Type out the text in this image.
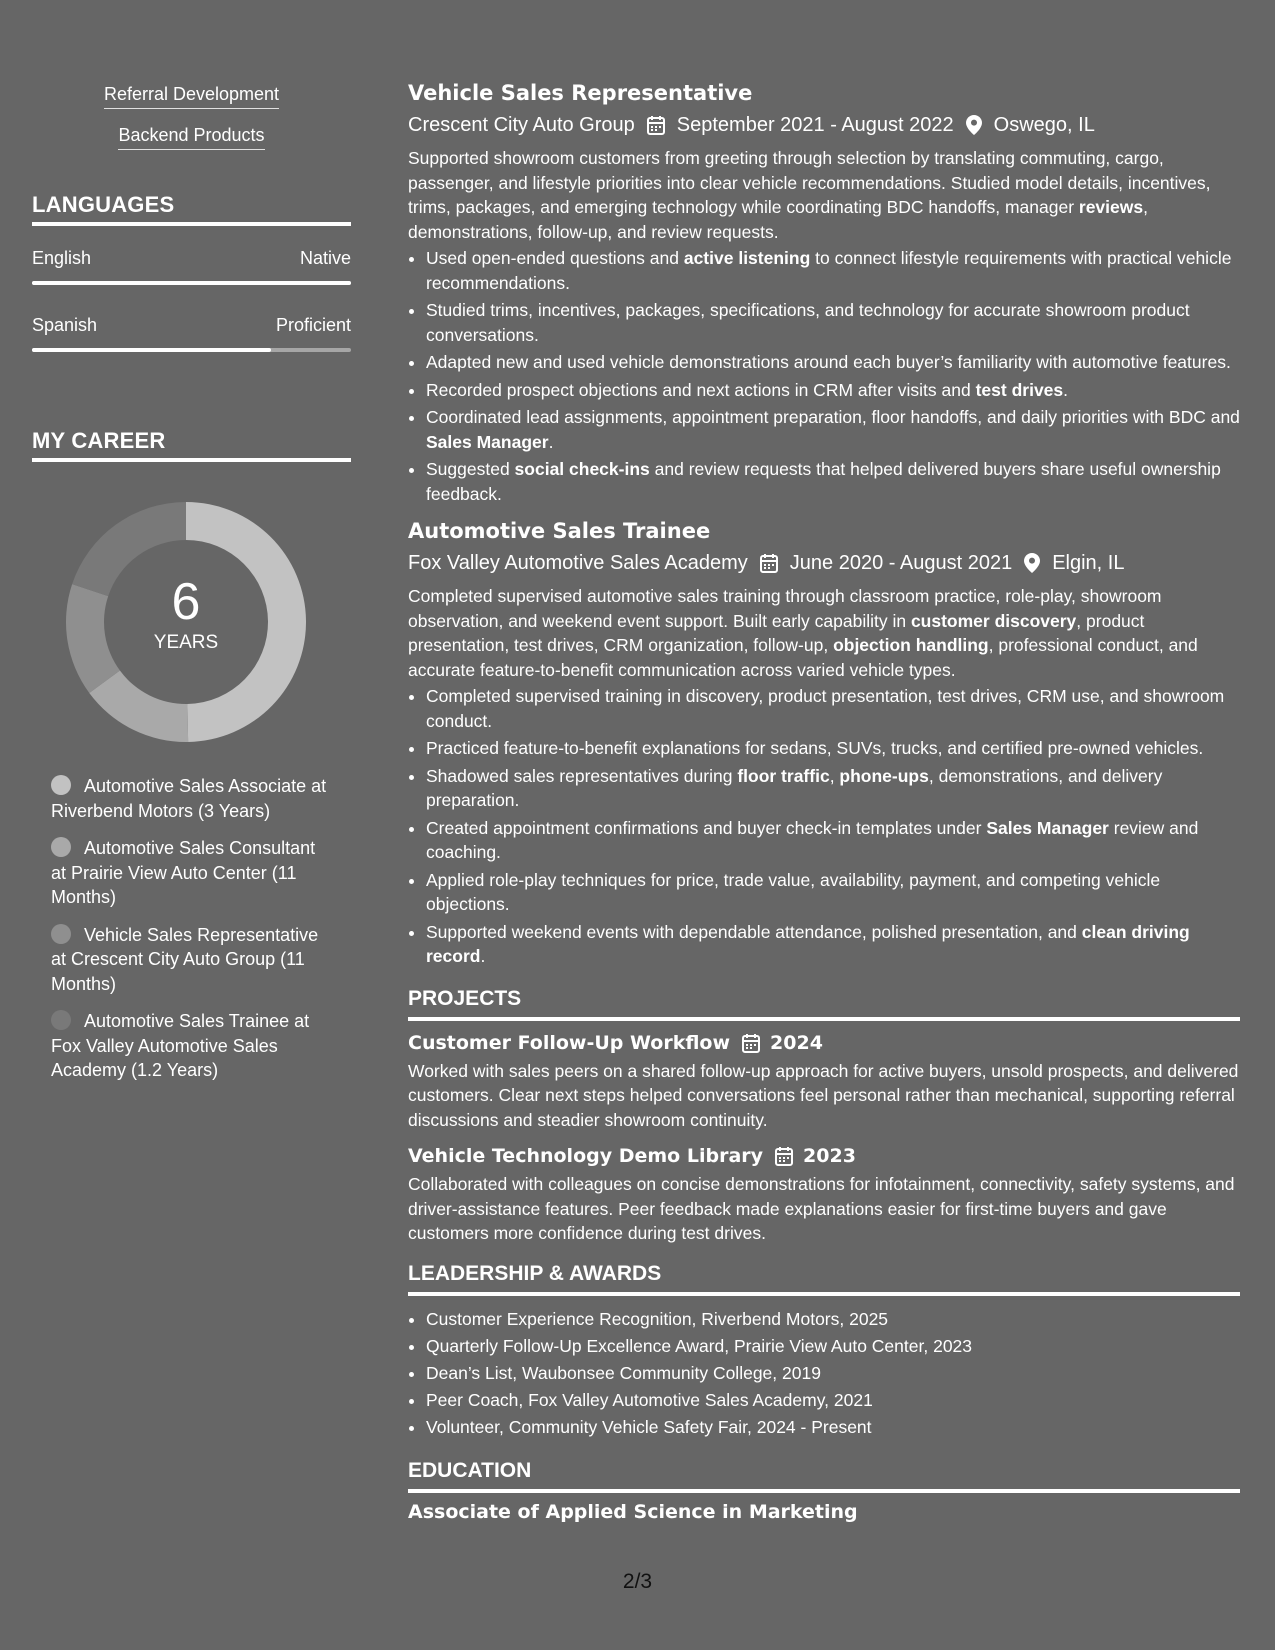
Referral Development
Backend Products
LANGUAGES
English	Native
Spanish	Proficient
MY CAREER
6
YEARS
Automotive Sales Associate at Riverbend Motors (3 Years)
Automotive Sales Consultant at Prairie View Auto Center (11 Months)
Vehicle Sales Representative at Crescent City Auto Group (11 Months)
Automotive Sales Trainee at Fox Valley Automotive Sales Academy (1.2 Years)
Vehicle Sales Representative
Crescent City Auto Group September 2021 - August 2022 Oswego, IL
Supported showroom customers from greeting through selection by translating commuting, cargo, passenger, and lifestyle priorities into clear vehicle recommendations. Studied model details, incentives, trims, packages, and emerging technology while coordinating BDC handoffs, manager reviews, demonstrations, follow-up, and review requests.
• Used open-ended questions and active listening to connect lifestyle requirements with practical vehicle recommendations.
• Studied trims, incentives, packages, specifications, and technology for accurate showroom product conversations.
• Adapted new and used vehicle demonstrations around each buyer’s familiarity with automotive features.
• Recorded prospect objections and next actions in CRM after visits and test drives.
• Coordinated lead assignments, appointment preparation, floor handoffs, and daily priorities with BDC and Sales Manager.
• Suggested social check-ins and review requests that helped delivered buyers share useful ownership feedback.
Automotive Sales Trainee
Fox Valley Automotive Sales Academy June 2020 - August 2021 Elgin, IL
Completed supervised automotive sales training through classroom practice, role-play, showroom observation, and weekend event support. Built early capability in customer discovery, product presentation, test drives, CRM organization, follow-up, objection handling, professional conduct, and accurate feature-to-benefit communication across varied vehicle types.
• Completed supervised training in discovery, product presentation, test drives, CRM use, and showroom conduct.
• Practiced feature-to-benefit explanations for sedans, SUVs, trucks, and certified pre-owned vehicles.
• Shadowed sales representatives during floor traffic, phone-ups, demonstrations, and delivery preparation.
• Created appointment confirmations and buyer check-in templates under Sales Manager review and coaching.
• Applied role-play techniques for price, trade value, availability, payment, and competing vehicle objections.
• Supported weekend events with dependable attendance, polished presentation, and clean driving record.
PROJECTS
Customer Follow-Up Workflow 2024
Worked with sales peers on a shared follow-up approach for active buyers, unsold prospects, and delivered customers. Clear next steps helped conversations feel personal rather than mechanical, supporting referral discussions and steadier showroom continuity.
Vehicle Technology Demo Library 2023
Collaborated with colleagues on concise demonstrations for infotainment, connectivity, safety systems, and driver-assistance features. Peer feedback made explanations easier for first-time buyers and gave customers more confidence during test drives.
LEADERSHIP & AWARDS
• Customer Experience Recognition, Riverbend Motors, 2025
• Quarterly Follow-Up Excellence Award, Prairie View Auto Center, 2023
• Dean’s List, Waubonsee Community College, 2019
• Peer Coach, Fox Valley Automotive Sales Academy, 2021
• Volunteer, Community Vehicle Safety Fair, 2024 - Present
EDUCATION
Associate of Applied Science in Marketing
2/3
